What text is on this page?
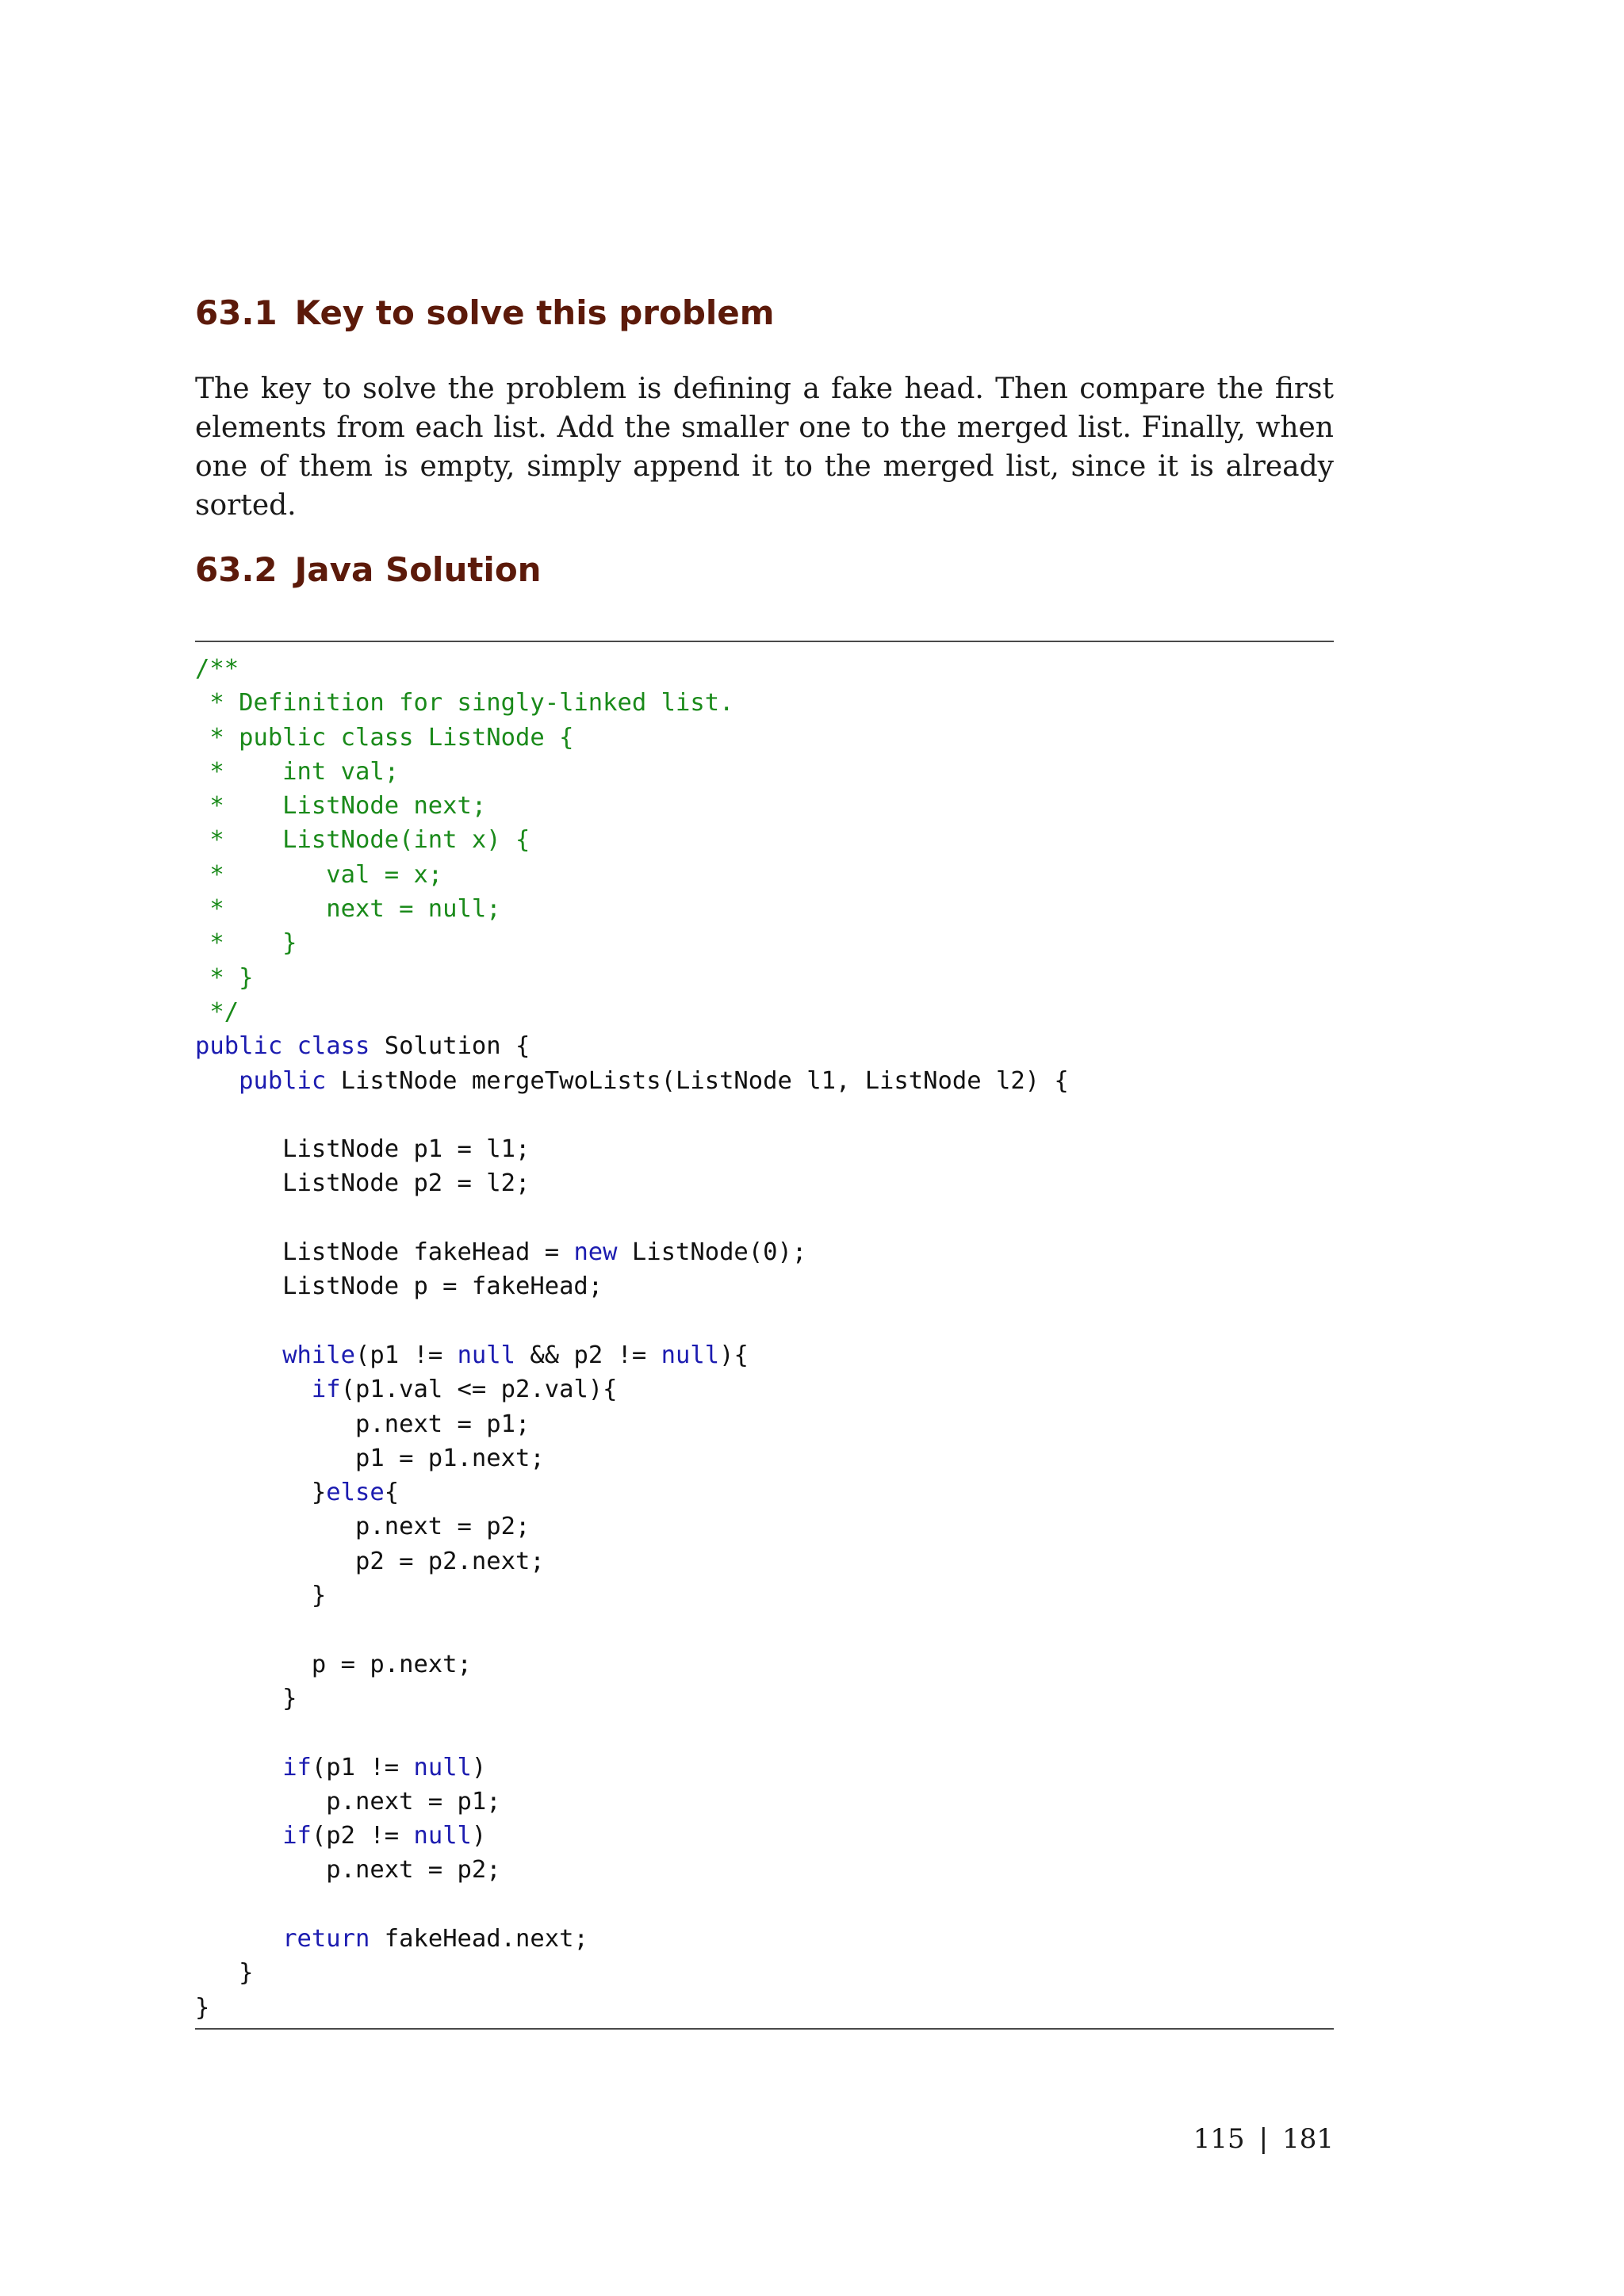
63.1 Key to solve this problem

The key to solve the problem is defining a fake head. Then compare the first elements from each list. Add the smaller one to the merged list. Finally, when one of them is empty, simply append it to the merged list, since it is already sorted.

63.2 Java Solution
/**
* Definition for singly-linked list.
* public class ListNode {
*    int val;
*    ListNode next;
*    ListNode(int x) {
*       val = x;
*       next = null;
*    }
* }
*/
public class Solution {
public ListNode mergeTwoLists(ListNode l1, ListNode l2) {

ListNode p1 = l1;
ListNode p2 = l2;

ListNode fakeHead = new ListNode(0);
ListNode p = fakeHead;

while(p1 != null && p2 != null){
if(p1.val <= p2.val){
p.next = p1;
p1 = p1.next;
}else{
p.next = p2;
p2 = p2.next;
}

p = p.next;
}

if(p1 != null)
p.next = p1;
if(p2 != null)
p.next = p2;

return fakeHead.next;
}
}
115 | 181
